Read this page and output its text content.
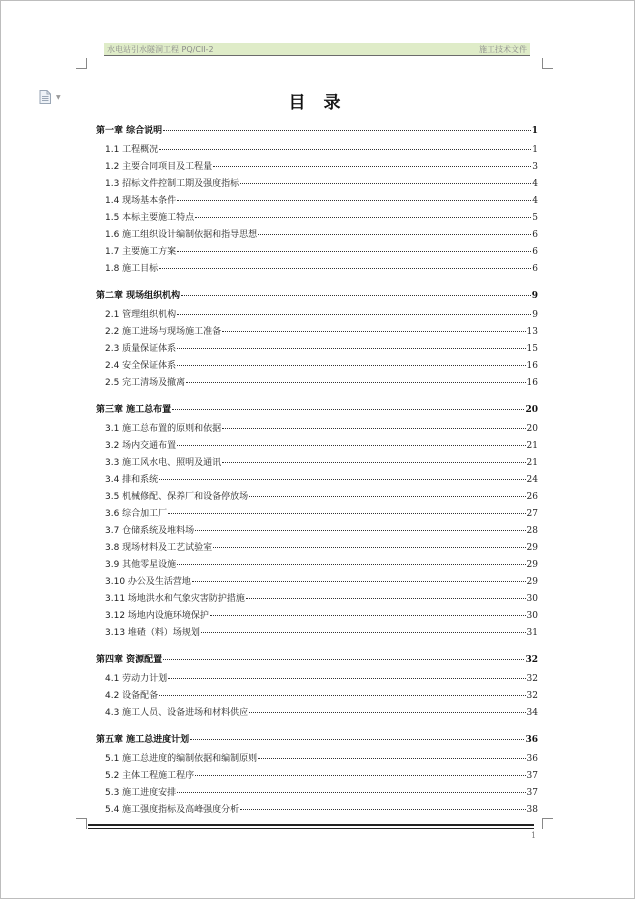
水电站引水隧洞工程 PQ/CII-2	施工技术文件
▼	目 录
第一章 综合说明	1
1.1 工程概况	1
1.2 主要合同项目及工程量	3
1.3 招标文件控制工期及强度指标	4
1.4 现场基本条件	4
1.5 本标主要施工特点	5
1.6 施工组织设计编制依据和指导思想	6
1.7 主要施工方案	6
1.8 施工目标	6
第二章 现场组织机构	9
2.1 管理组织机构	9
2.2 施工进场与现场施工准备	13
2.3 质量保证体系	15
2.4 安全保证体系	16
2.5 完工清场及撤离	16
第三章 施工总布置	20
3.1 施工总布置的原则和依据	20
3.2 场内交通布置	21
3.3 施工风水电、照明及通讯	21
3.4 排和系统	24
3.5 机械修配、保养厂和设备停放场	26
3.6 综合加工厂	27
3.7 仓储系统及堆料场	28
3.8 现场材料及工艺试验室	29
3.9 其他零星设施	29
3.10 办公及生活营地	29
3.11 场地洪水和气象灾害防护措施	30
3.12 场地内设施环境保护	30
3.13 堆碴（料）场规划	31
第四章 资源配置	32
4.1 劳动力计划	32
4.2 设备配备	32
4.3 施工人员、设备进场和材料供应	34
第五章 施工总进度计划	36
5.1 施工总进度的编制依据和编制原则	36
5.2 主体工程施工程序	37
5.3 施工进度安排	37
5.4 施工强度指标及高峰强度分析	38
1
